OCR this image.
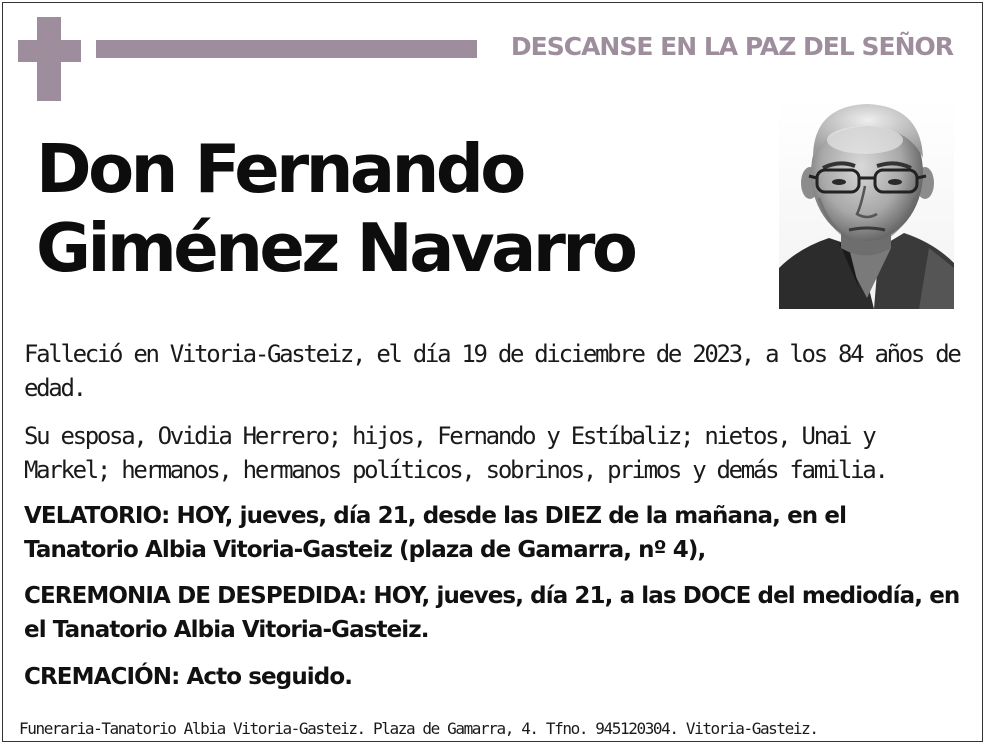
DESCANSE EN LA PAZ DEL SEÑOR
Don Fernando
Giménez Navarro
Falleció en Vitoria-Gasteiz, el día 19 de diciembre de 2023, a los 84 años de edad.
Su esposa, Ovidia Herrero; hijos, Fernando y Estíbaliz; nietos, Unai y Markel; hermanos, hermanos políticos, sobrinos, primos y demás familia.
VELATORIO: HOY, jueves, día 21, desde las DIEZ de la mañana, en el Tanatorio Albia Vitoria-Gasteiz (plaza de Gamarra, nº 4),
CEREMONIA DE DESPEDIDA: HOY, jueves, día 21, a las DOCE del mediodía, en el Tanatorio Albia Vitoria-Gasteiz.
CREMACIÓN: Acto seguido.
Funeraria-Tanatorio Albia Vitoria-Gasteiz. Plaza de Gamarra, 4. Tfno. 945120304. Vitoria-Gasteiz.
